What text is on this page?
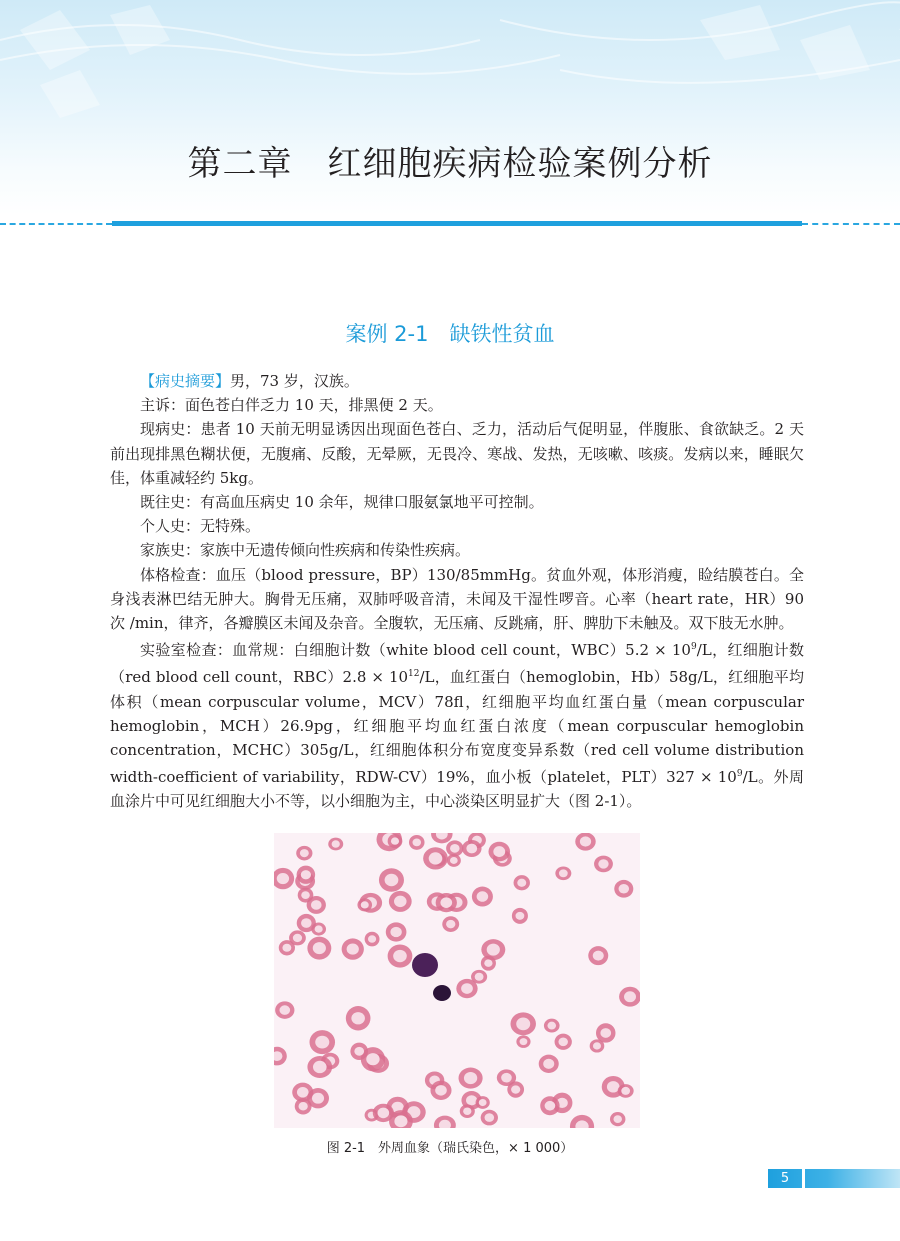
第二章　红细胞疾病检验案例分析
案例 2-1　缺铁性贫血

【病史摘要】男，73 岁，汉族。

主诉：面色苍白伴乏力 10 天，排黑便 2 天。

现病史：患者 10 天前无明显诱因出现面色苍白、乏力，活动后气促明显，伴腹胀、食欲缺乏。2 天前出现排黑色糊状便，无腹痛、反酸，无晕厥，无畏冷、寒战、发热，无咳嗽、咳痰。发病以来，睡眠欠佳，体重减轻约 5kg。

既往史：有高血压病史 10 余年，规律口服氨氯地平可控制。

个人史：无特殊。

家族史：家族中无遗传倾向性疾病和传染性疾病。

体格检查：血压（blood pressure，BP）130/85mmHg。贫血外观，体形消瘦，睑结膜苍白。全身浅表淋巴结无肿大。胸骨无压痛，双肺呼吸音清，未闻及干湿性啰音。心率（heart rate，HR）90 次 /min，律齐，各瓣膜区未闻及杂音。全腹软，无压痛、反跳痛，肝、脾肋下未触及。双下肢无水肿。

实验室检查：血常规：白细胞计数（white blood cell count，$WBC)5.2 \times 10^9/L$，红细胞计数（red blood cell count，$RBC)2.8 \times 10^{12}/L$，血红蛋白（hemoglobin，Hb）58g/L，红细胞平均体积（mean corpuscular volume，MCV）78fl，红细胞平均血红蛋白量（mean corpuscular hemoglobin，MCH）26.9pg，红细胞平均血红蛋白浓度（mean corpuscular hemoglobin concentration，MCHC）305g/L，红细胞体积分布宽度变异系数（red cell volume distribution width-coefficient of variability，RDW-CV）19%，血小板（platelet，$PLT)327 \times 10^9/L$。外周血涂片中可见红细胞大小不等，以小细胞为主，中心淡染区明显扩大（图 2-1）。

图 2-1　外周血象（瑞氏染色，× 1 000）
5
